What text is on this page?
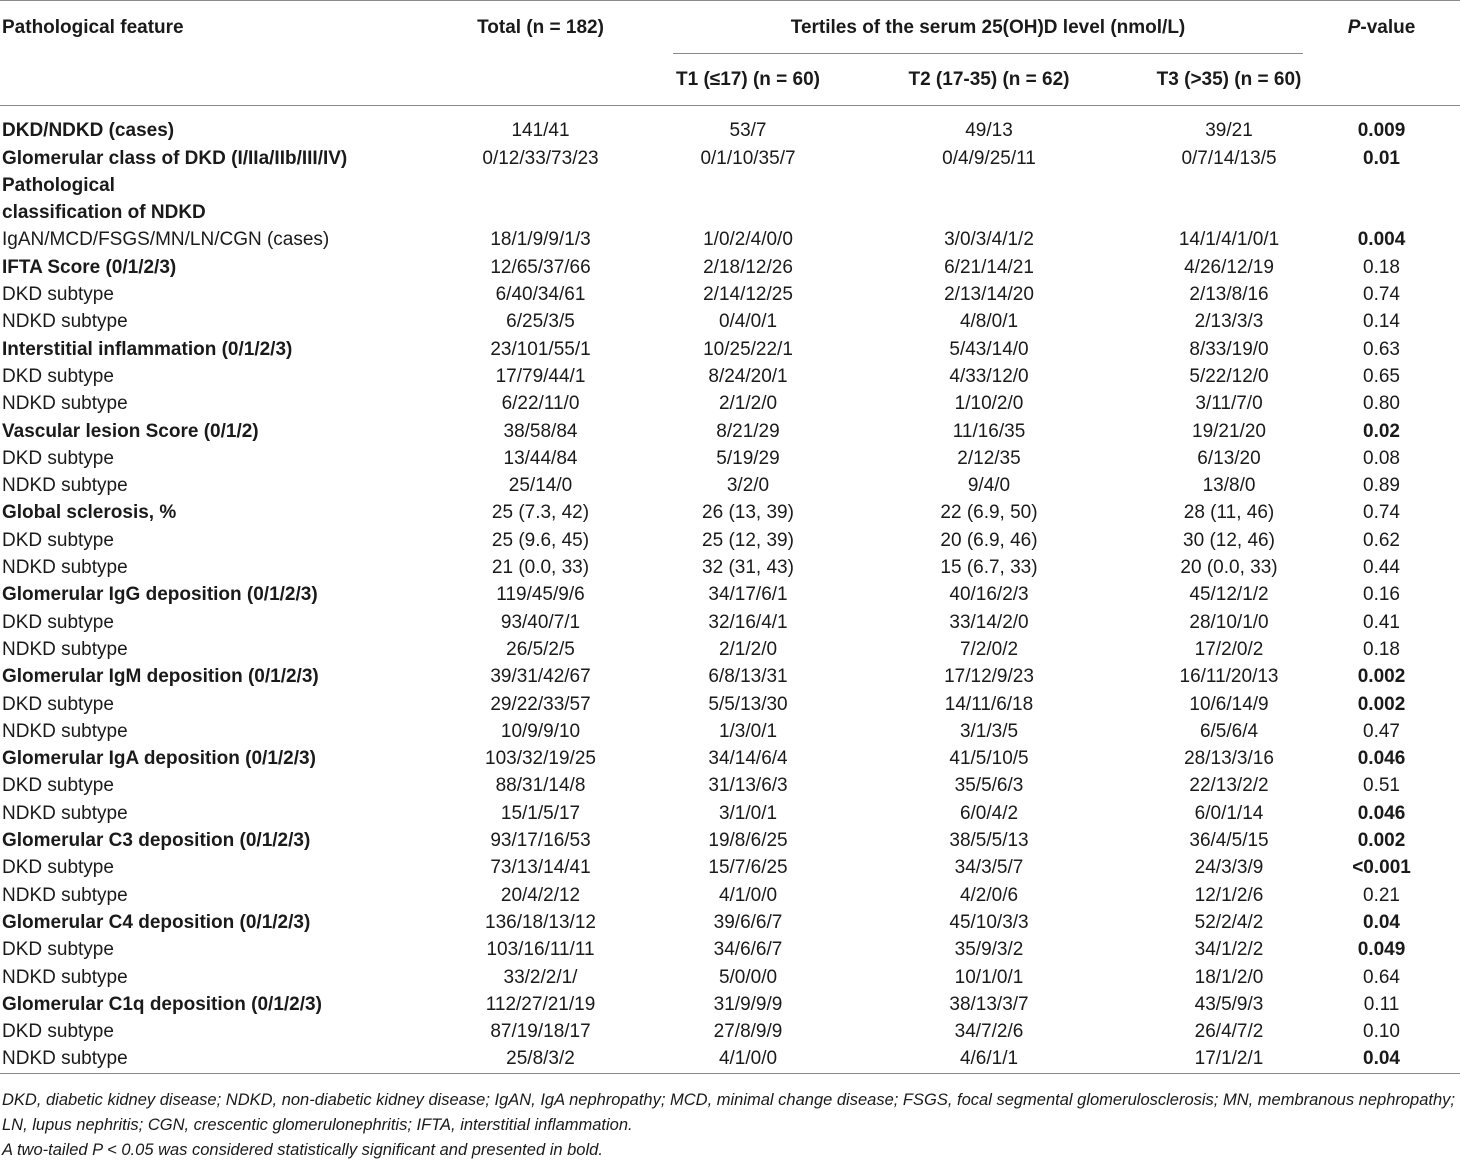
Pathological feature	Total (n = 182)	Tertiles of the serum 25(OH)D level (nmol/L)			P-value
		T1 (≤17) (n = 60)	T2 (17-35) (n = 62)	T3 (>35) (n = 60)	

DKD/NDKD (cases)	141/41	53/7	49/13	39/21	0.009
Glomerular class of DKD (I/IIa/IIb/III/IV)	0/12/33/73/23	0/1/10/35/7	0/4/9/25/11	0/7/14/13/5	0.01
Pathological					
classification of NDKD					
IgAN/MCD/FSGS/MN/LN/CGN (cases)	18/1/9/9/1/3	1/0/2/4/0/0	3/0/3/4/1/2	14/1/4/1/0/1	0.004
IFTA Score (0/1/2/3)	12/65/37/66	2/18/12/26	6/21/14/21	4/26/12/19	0.18
DKD subtype	6/40/34/61	2/14/12/25	2/13/14/20	2/13/8/16	0.74
NDKD subtype	6/25/3/5	0/4/0/1	4/8/0/1	2/13/3/3	0.14
Interstitial inflammation (0/1/2/3)	23/101/55/1	10/25/22/1	5/43/14/0	8/33/19/0	0.63
DKD subtype	17/79/44/1	8/24/20/1	4/33/12/0	5/22/12/0	0.65
NDKD subtype	6/22/11/0	2/1/2/0	1/10/2/0	3/11/7/0	0.80
Vascular lesion Score (0/1/2)	38/58/84	8/21/29	11/16/35	19/21/20	0.02
DKD subtype	13/44/84	5/19/29	2/12/35	6/13/20	0.08
NDKD subtype	25/14/0	3/2/0	9/4/0	13/8/0	0.89
Global sclerosis, %	25 (7.3, 42)	26 (13, 39)	22 (6.9, 50)	28 (11, 46)	0.74
DKD subtype	25 (9.6, 45)	25 (12, 39)	20 (6.9, 46)	30 (12, 46)	0.62
NDKD subtype	21 (0.0, 33)	32 (31, 43)	15 (6.7, 33)	20 (0.0, 33)	0.44
Glomerular IgG deposition (0/1/2/3)	119/45/9/6	34/17/6/1	40/16/2/3	45/12/1/2	0.16
DKD subtype	93/40/7/1	32/16/4/1	33/14/2/0	28/10/1/0	0.41
NDKD subtype	26/5/2/5	2/1/2/0	7/2/0/2	17/2/0/2	0.18
Glomerular IgM deposition (0/1/2/3)	39/31/42/67	6/8/13/31	17/12/9/23	16/11/20/13	0.002
DKD subtype	29/22/33/57	5/5/13/30	14/11/6/18	10/6/14/9	0.002
NDKD subtype	10/9/9/10	1/3/0/1	3/1/3/5	6/5/6/4	0.47
Glomerular IgA deposition (0/1/2/3)	103/32/19/25	34/14/6/4	41/5/10/5	28/13/3/16	0.046
DKD subtype	88/31/14/8	31/13/6/3	35/5/6/3	22/13/2/2	0.51
NDKD subtype	15/1/5/17	3/1/0/1	6/0/4/2	6/0/1/14	0.046
Glomerular C3 deposition (0/1/2/3)	93/17/16/53	19/8/6/25	38/5/5/13	36/4/5/15	0.002
DKD subtype	73/13/14/41	15/7/6/25	34/3/5/7	24/3/3/9	<0.001
NDKD subtype	20/4/2/12	4/1/0/0	4/2/0/6	12/1/2/6	0.21
Glomerular C4 deposition (0/1/2/3)	136/18/13/12	39/6/6/7	45/10/3/3	52/2/4/2	0.04
DKD subtype	103/16/11/11	34/6/6/7	35/9/3/2	34/1/2/2	0.049
NDKD subtype	33/2/2/1/	5/0/0/0	10/1/0/1	18/1/2/0	0.64
Glomerular C1q deposition (0/1/2/3)	112/27/21/19	31/9/9/9	38/13/3/7	43/5/9/3	0.11
DKD subtype	87/19/18/17	27/8/9/9	34/7/2/6	26/4/7/2	0.10
NDKD subtype	25/8/3/2	4/1/0/0	4/6/1/1	17/1/2/1	0.04

DKD, diabetic kidney disease; NDKD, non-diabetic kidney disease; IgAN, IgA nephropathy; MCD, minimal change disease; FSGS, focal segmental glomerulosclerosis; MN, membranous nephropathy; LN, lupus nephritis; CGN, crescentic glomerulonephritis; IFTA, interstitial inflammation.

A two-tailed P < 0.05 was considered statistically significant and presented in bold.
